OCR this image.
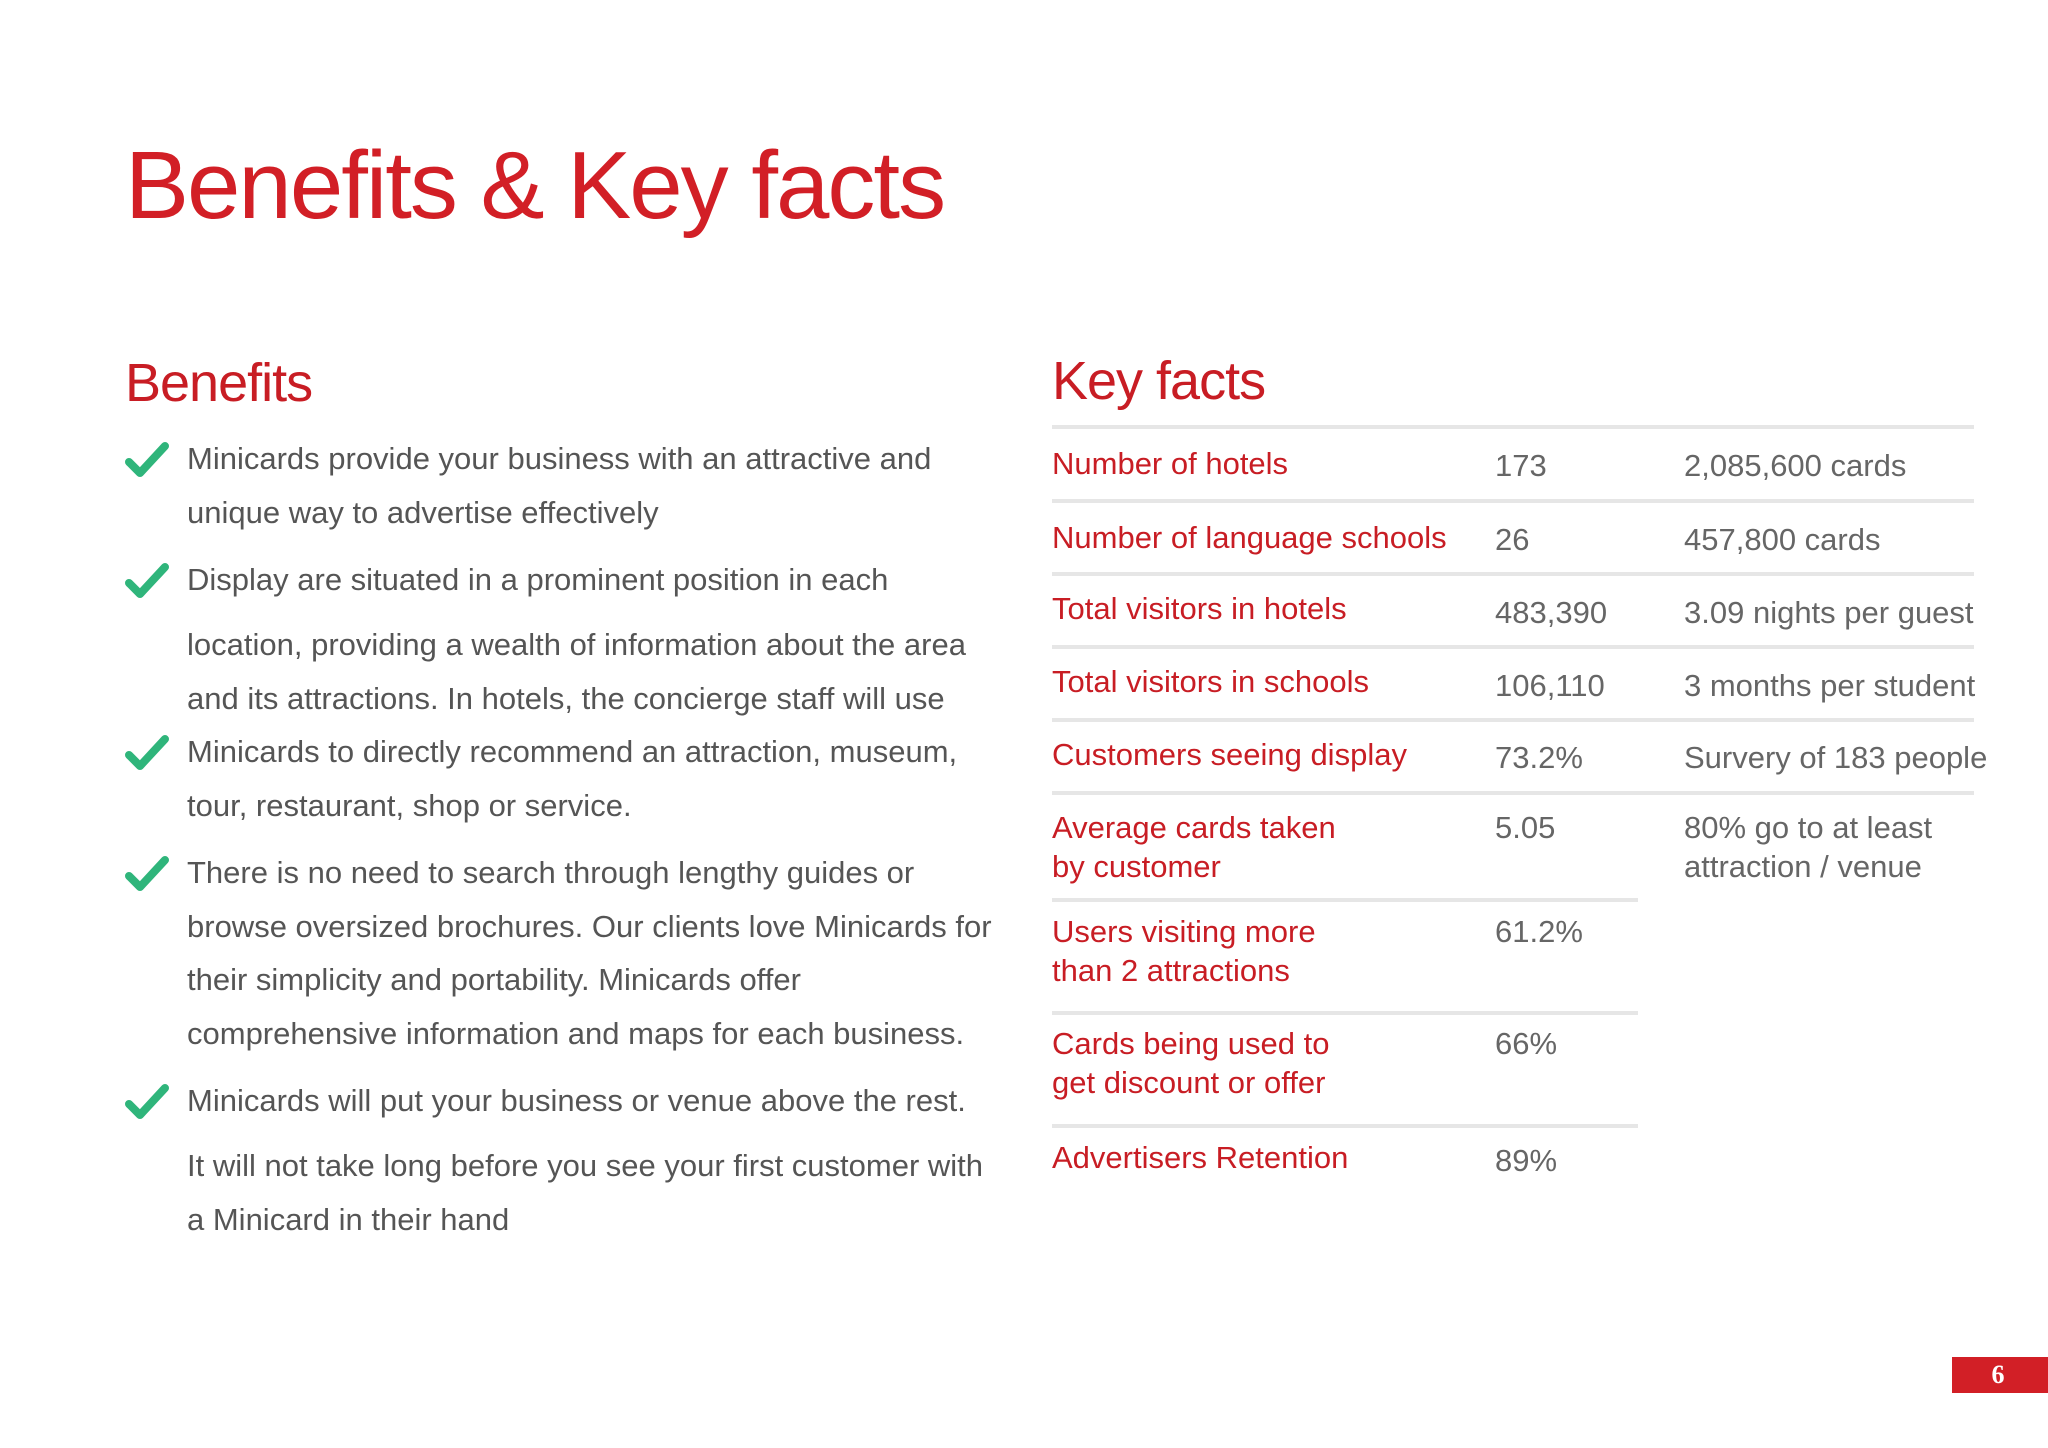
Benefits & Key facts
Benefits
Minicards provide your business with an attractive and unique way to advertise effectively
Display are situated in a prominent position in each
location, providing a wealth of information about the area and its attractions. In hotels, the concierge staff will use
Minicards to directly recommend an attraction, museum, tour, restaurant, shop or service.
There is no need to search through lengthy guides or browse oversized brochures. Our clients love Minicards for their simplicity and portability. Minicards offer comprehensive information and maps for each business.
Minicards will put your business or venue above the rest.
It will not take long before you see your first customer with a Minicard in their hand
Key facts
Number of hotels	173	2,085,600 cards
Number of language schools 26	457,800 cards
Total visitors in hotels	483,390 3.09 nights per guest
Total visitors in schools	106,110	3 months per student
Customers seeing display	73.2%	Survery of 183 people
Average cards taken
by customer
5.05	80% go to at least
attraction / venue
Users visiting more
than 2 attractions
61.2%
Cards being used to
get discount or offer
66%
Advertisers Retention	89%
6
